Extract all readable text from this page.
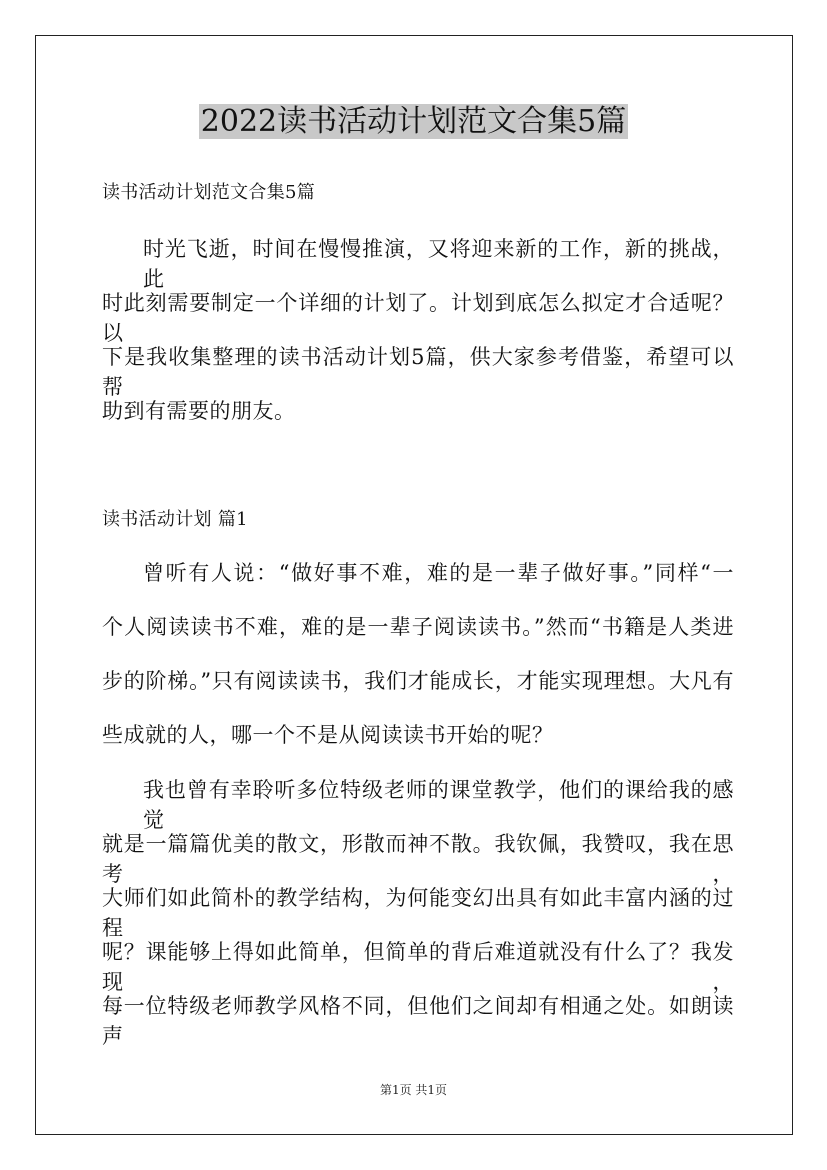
2022读书活动计划范文合集5篇
读书活动计划范文合集5篇
时光飞逝，时间在慢慢推演，又将迎来新的工作，新的挑战，此
时此刻需要制定一个详细的计划了。计划到底怎么拟定才合适呢？以
下是我收集整理的读书活动计划5篇，供大家参考借鉴，希望可以帮
助到有需要的朋友。
读书活动计划 篇1
曾听有人说：“做好事不难，难的是一辈子做好事。”同样“一
个人阅读读书不难，难的是一辈子阅读读书。”然而“书籍是人类进
步的阶梯。”只有阅读读书，我们才能成长，才能实现理想。大凡有
些成就的人，哪一个不是从阅读读书开始的呢？
我也曾有幸聆听多位特级老师的课堂教学，他们的课给我的感觉
就是一篇篇优美的散文，形散而神不散。我钦佩，我赞叹，我在思考，
大师们如此简朴的教学结构，为何能变幻出具有如此丰富内涵的过程
呢？课能够上得如此简单，但简单的背后难道就没有什么了？我发现，
每一位特级老师教学风格不同，但他们之间却有相通之处。如朗读声
第1页 共1页
